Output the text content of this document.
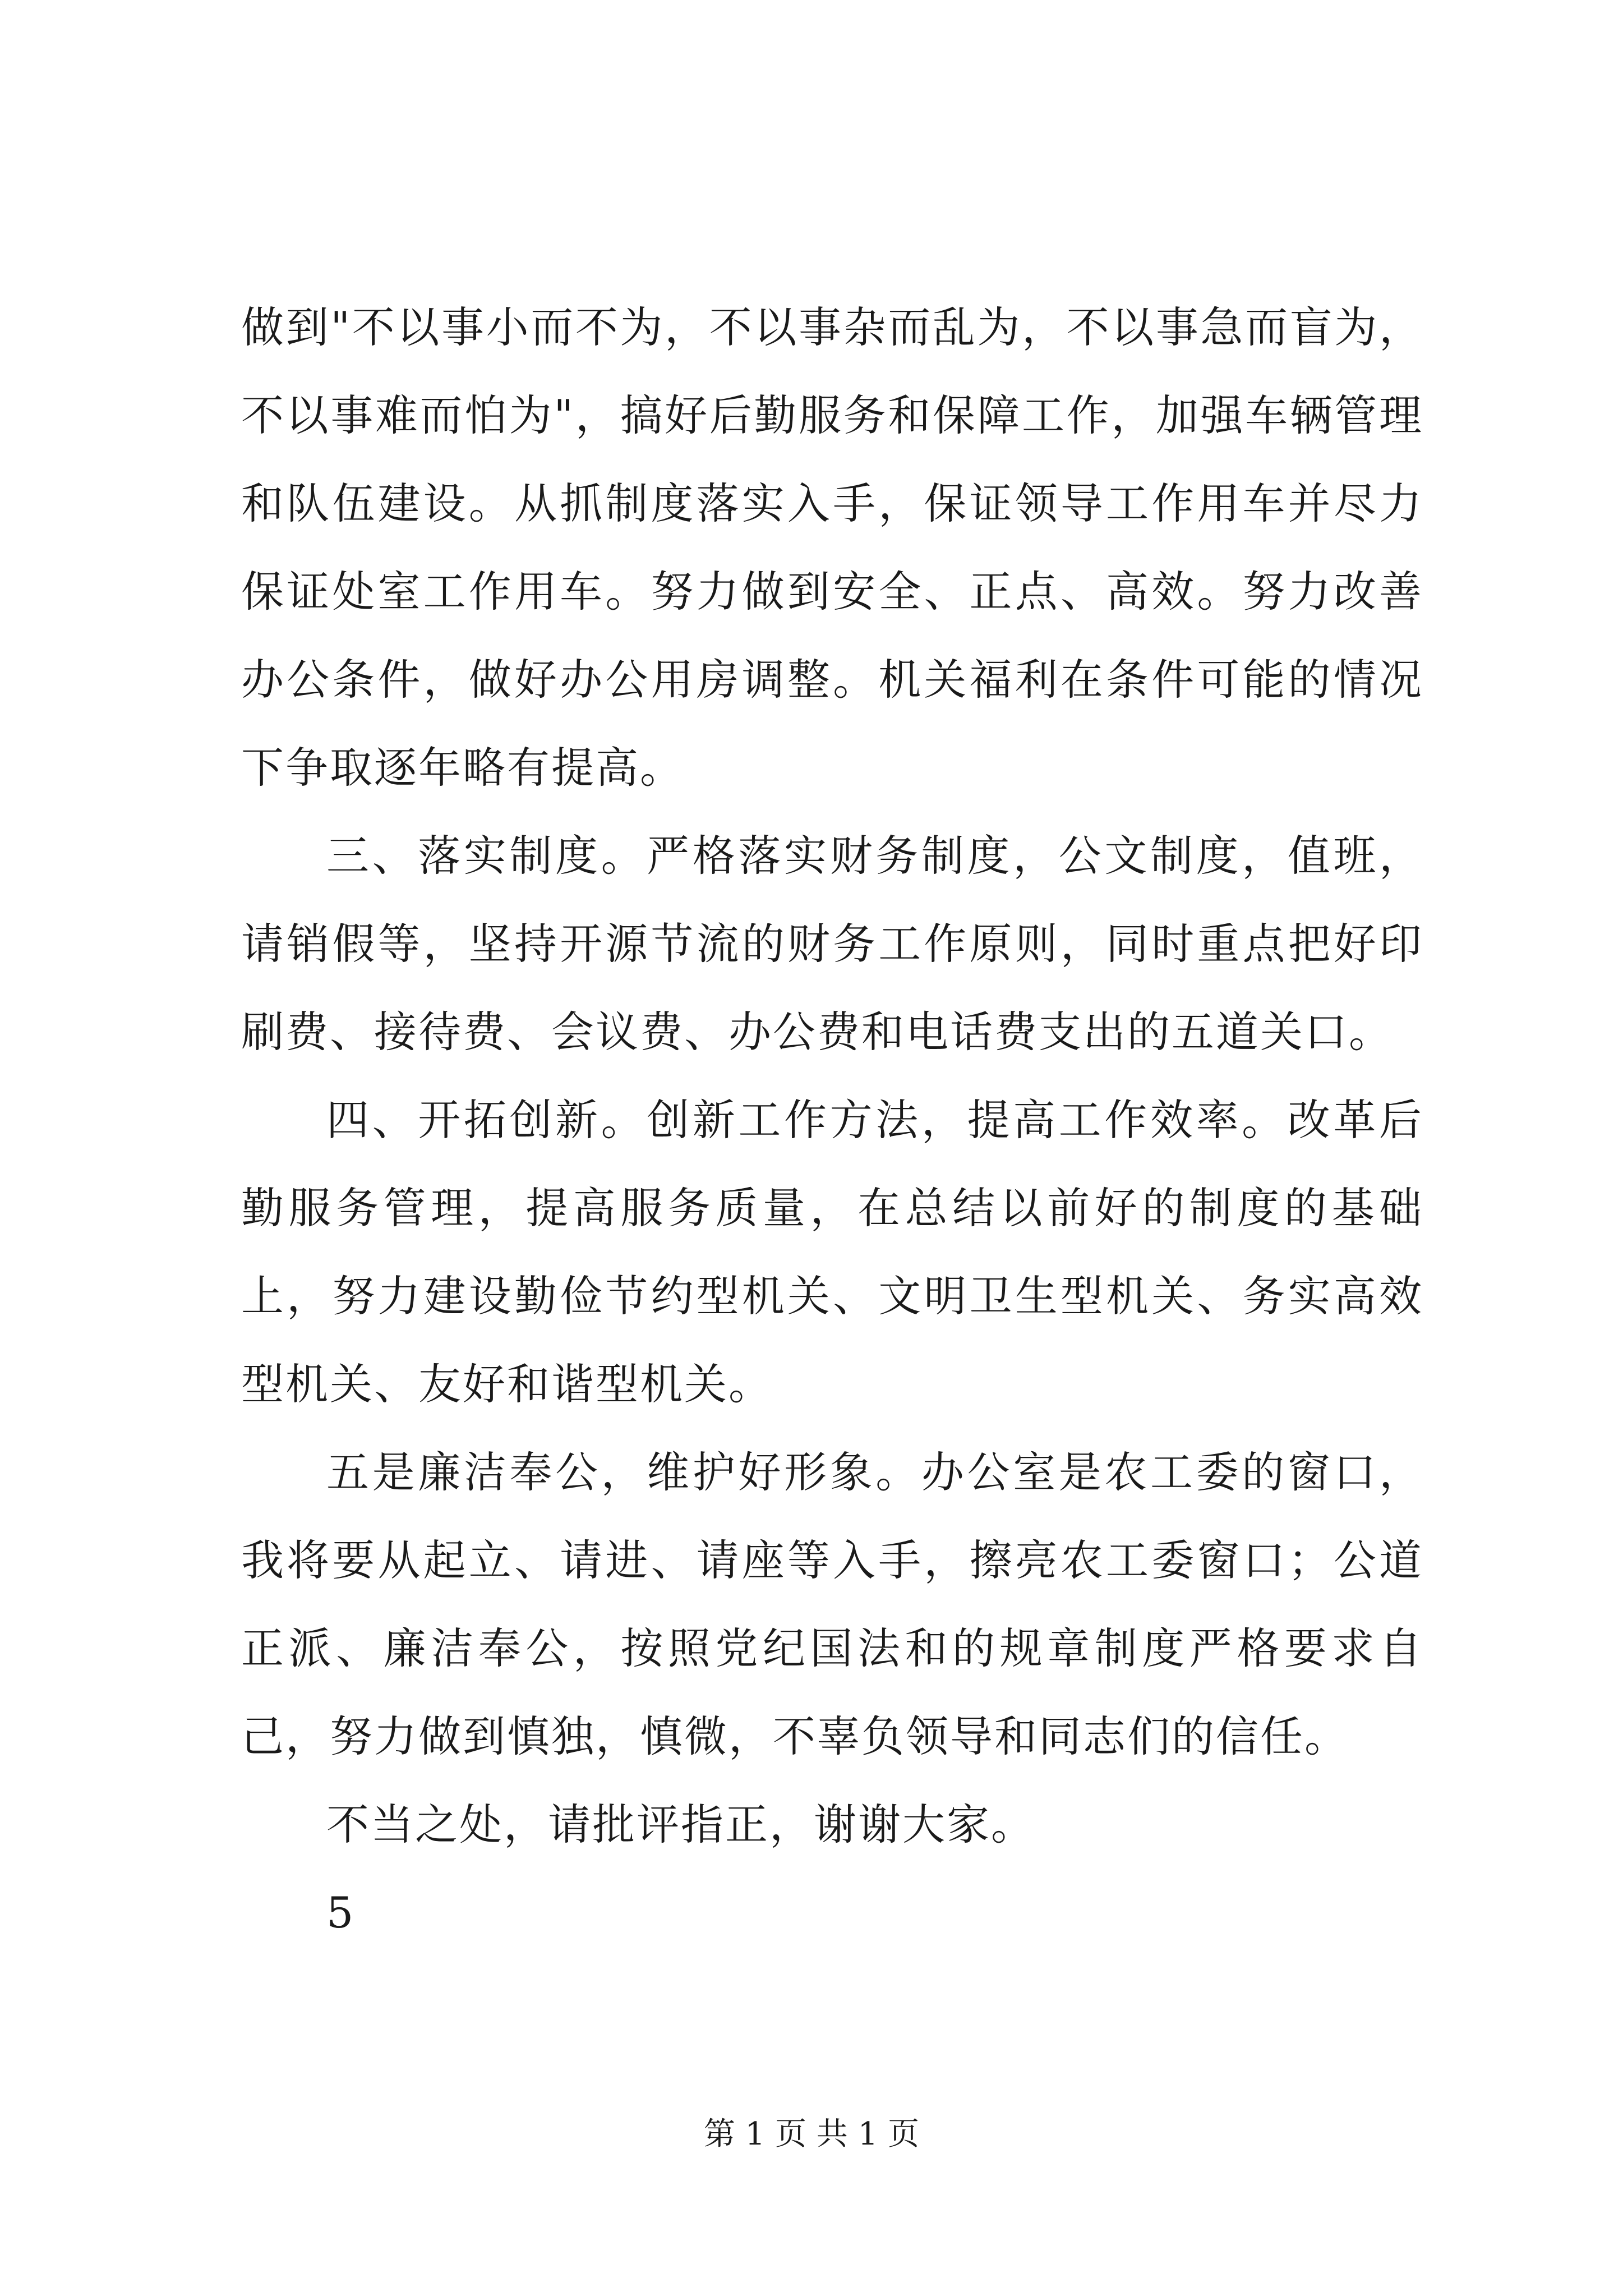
做到"不以事小而不为，不以事杂而乱为，不以事急而盲为，不以事难而怕为"，搞好后勤服务和保障工作，加强车辆管理和队伍建设。从抓制度落实入手，保证领导工作用车并尽力保证处室工作用车。努力做到安全、正点、高效。努力改善办公条件，做好办公用房调整。机关福利在条件可能的情况下争取逐年略有提高。

三、落实制度。严格落实财务制度，公文制度，值班，请销假等，坚持开源节流的财务工作原则，同时重点把好印刷费、接待费、会议费、办公费和电话费支出的五道关口。

四、开拓创新。创新工作方法，提高工作效率。改革后勤服务管理，提高服务质量，在总结以前好的制度的基础上，努力建设勤俭节约型机关、文明卫生型机关、务实高效型机关、友好和谐型机关。

五是廉洁奉公，维护好形象。办公室是农工委的窗口，我将要从起立、请进、请座等入手，擦亮农工委窗口；公道正派、廉洁奉公，按照党纪国法和的规章制度严格要求自己，努力做到慎独，慎微，不辜负领导和同志们的信任。

不当之处，请批评指正，谢谢大家。

5

第 1 页 共 1 页
